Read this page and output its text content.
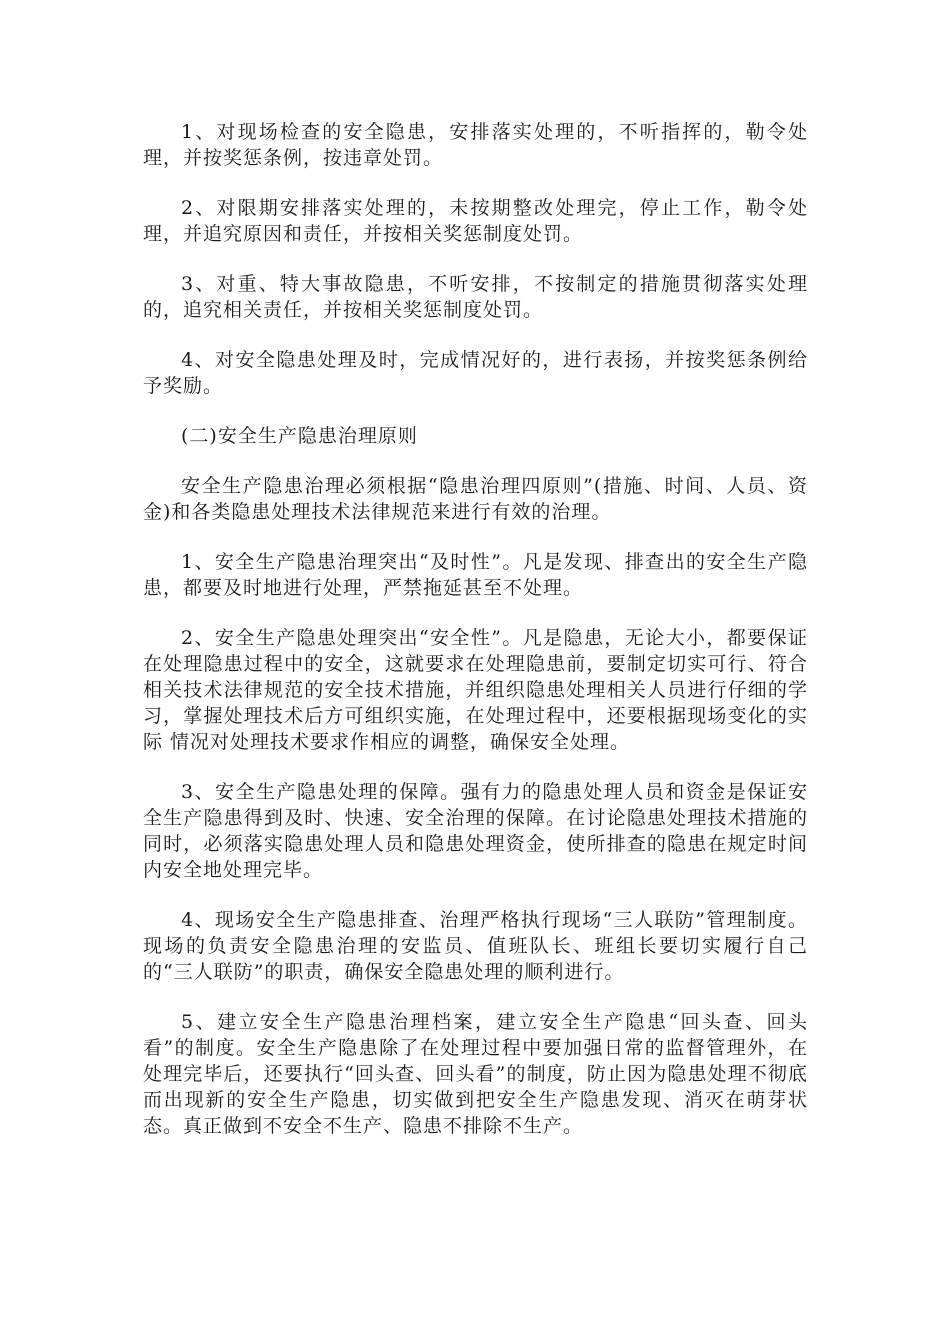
1、对现场检查的安全隐患，安排落实处理的，不听指挥的，勒令处理，并按奖惩条例，按违章处罚。

2、对限期安排落实处理的，未按期整改处理完，停止工作，勒令处理，并追究原因和责任，并按相关奖惩制度处罚。

3、对重、特大事故隐患，不听安排，不按制定的措施贯彻落实处理的，追究相关责任，并按相关奖惩制度处罚。

4、对安全隐患处理及时，完成情况好的，进行表扬，并按奖惩条例给予奖励。

(二)安全生产隐患治理原则

安全生产隐患治理必须根据“隐患治理四原则”(措施、时间、人员、资金)和各类隐患处理技术法律规范来进行有效的治理。

1、安全生产隐患治理突出“及时性”。凡是发现、排查出的安全生产隐患，都要及时地进行处理，严禁拖延甚至不处理。

2、安全生产隐患处理突出“安全性”。凡是隐患，无论大小，都要保证在处理隐患过程中的安全，这就要求在处理隐患前，要制定切实可行、符合相关技术法律规范的安全技术措施，并组织隐患处理相关人员进行仔细的学习，掌握处理技术后方可组织实施，在处理过程中，还要根据现场变化的实际 情况对处理技术要求作相应的调整，确保安全处理。

3、安全生产隐患处理的保障。强有力的隐患处理人员和资金是保证安全生产隐患得到及时、快速、安全治理的保障。在讨论隐患处理技术措施的同时，必须落实隐患处理人员和隐患处理资金，使所排查的隐患在规定时间内安全地处理完毕。

4、现场安全生产隐患排查、治理严格执行现场“三人联防”管理制度。现场的负责安全隐患治理的安监员、值班队长、班组长要切实履行自己的“三人联防”的职责，确保安全隐患处理的顺利进行。

5、建立安全生产隐患治理档案，建立安全生产隐患“回头查、回头看”的制度。安全生产隐患除了在处理过程中要加强日常的监督管理外，在处理完毕后，还要执行“回头查、回头看”的制度，防止因为隐患处理不彻底而出现新的安全生产隐患，切实做到把安全生产隐患发现、消灭在萌芽状态。真正做到不安全不生产、隐患不排除不生产。
